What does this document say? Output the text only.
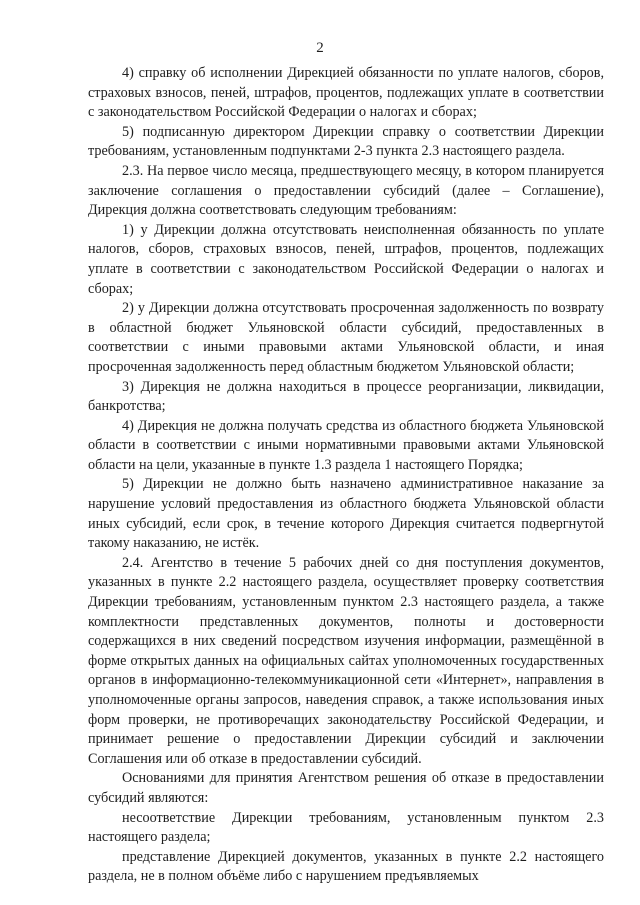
2

4) справку об исполнении Дирекцией обязанности по уплате налогов, сборов, страховых взносов, пеней, штрафов, процентов, подлежащих уплате в соответствии с законодательством Российской Федерации о налогах и сборах;

5) подписанную директором Дирекции справку о соответствии Дирекции требованиям, установленным подпунктами 2-3 пункта 2.3 настоящего раздела.

2.3. На первое число месяца, предшествующего месяцу, в котором планируется заключение соглашения о предоставлении субсидий (далее – Соглашение), Дирекция должна соответствовать следующим требованиям:

1) у Дирекции должна отсутствовать неисполненная обязанность по уплате налогов, сборов, страховых взносов, пеней, штрафов, процентов, подлежащих уплате в соответствии с законодательством Российской Федерации о налогах и сборах;

2) у Дирекции должна отсутствовать просроченная задолженность по возврату в областной бюджет Ульяновской области субсидий, предоставленных в соответствии с иными правовыми актами Ульяновской области, и иная просроченная задолженность перед областным бюджетом Ульяновской области;

3) Дирекция не должна находиться в процессе реорганизации, ликвидации, банкротства;

4) Дирекция не должна получать средства из областного бюджета Ульяновской области в соответствии с иными нормативными правовыми актами Ульяновской области на цели, указанные в пункте 1.3 раздела 1 настоящего Порядка;

5) Дирекции не должно быть назначено административное наказание за нарушение условий предоставления из областного бюджета Ульяновской области иных субсидий, если срок, в течение которого Дирекция считается подвергнутой такому наказанию, не истёк.

2.4. Агентство в течение 5 рабочих дней со дня поступления документов, указанных в пункте 2.2 настоящего раздела, осуществляет проверку соответствия Дирекции требованиям, установленным пунктом 2.3 настоящего раздела, а также комплектности представленных документов, полноты и достоверности содержащихся в них сведений посредством изучения информации, размещённой в форме открытых данных на официальных сайтах уполномоченных государственных органов в информационно-телекоммуникационной сети «Интернет», направления в уполномоченные органы запросов, наведения справок, а также использования иных форм проверки, не противоречащих законодательству Российской Федерации, и принимает решение о предоставлении Дирекции субсидий и заключении Соглашения или об отказе в предоставлении субсидий.

Основаниями для принятия Агентством решения об отказе в предоставлении субсидий являются:

несоответствие Дирекции требованиям, установленным пунктом 2.3 настоящего раздела;

представление Дирекцией документов, указанных в пункте 2.2 настоящего раздела, не в полном объёме либо с нарушением предъявляемых
